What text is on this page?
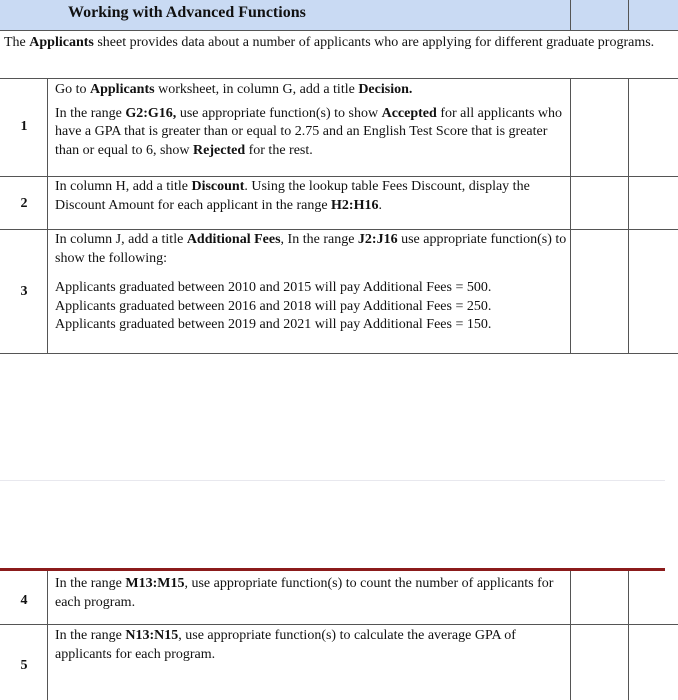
Working with Advanced Functions
The Applicants sheet provides data about a number of applicants who are applying for different graduate programs.
1

Go to Applicants worksheet, in column G, add a title Decision.

In the range G2:G16, use appropriate function(s) to show Accepted for all applicants who have a GPA that is greater than or equal to 2.75 and an English Test Score that is greater than or equal to 6, show Rejected for the rest.

2

In column H, add a title Discount. Using the lookup table Fees Discount, display the Discount Amount for each applicant in the range H2:H16.

3

In column J, add a title Additional Fees, In the range J2:J16 use appropriate function(s) to show the following:

Applicants graduated between 2010 and 2015 will pay Additional Fees = 500.

Applicants graduated between 2016 and 2018 will pay Additional Fees = 250.

Applicants graduated between 2019 and 2021 will pay Additional Fees = 150.

4

In the range M13:M15, use appropriate function(s) to count the number of applicants for each program.

5

In the range N13:N15, use appropriate function(s) to calculate the average GPA of applicants for each program.
